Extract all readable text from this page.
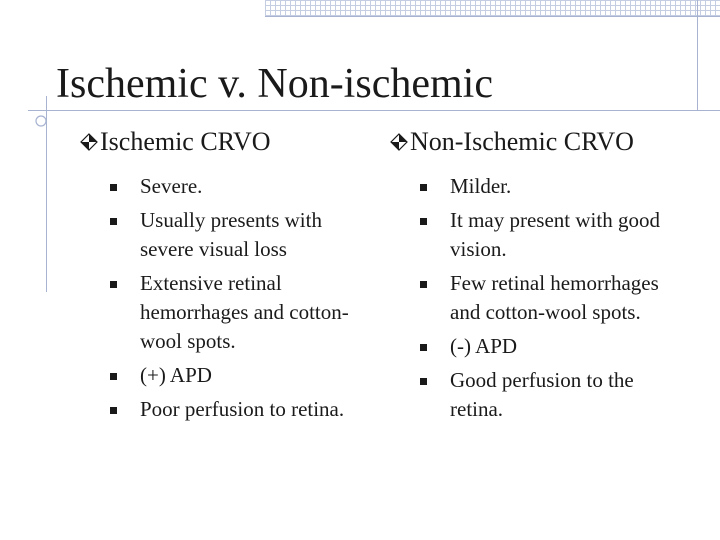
Ischemic v. Non-ischemic
Ischemic CRVO
Severe.
Usually presents with severe visual loss
Extensive retinal hemorrhages and cotton-wool spots.
(+) APD
Poor perfusion to retina.
Non-Ischemic CRVO
Milder.
It may present with good vision.
Few retinal hemorrhages and cotton-wool spots.
(-) APD
Good perfusion to the retina.
